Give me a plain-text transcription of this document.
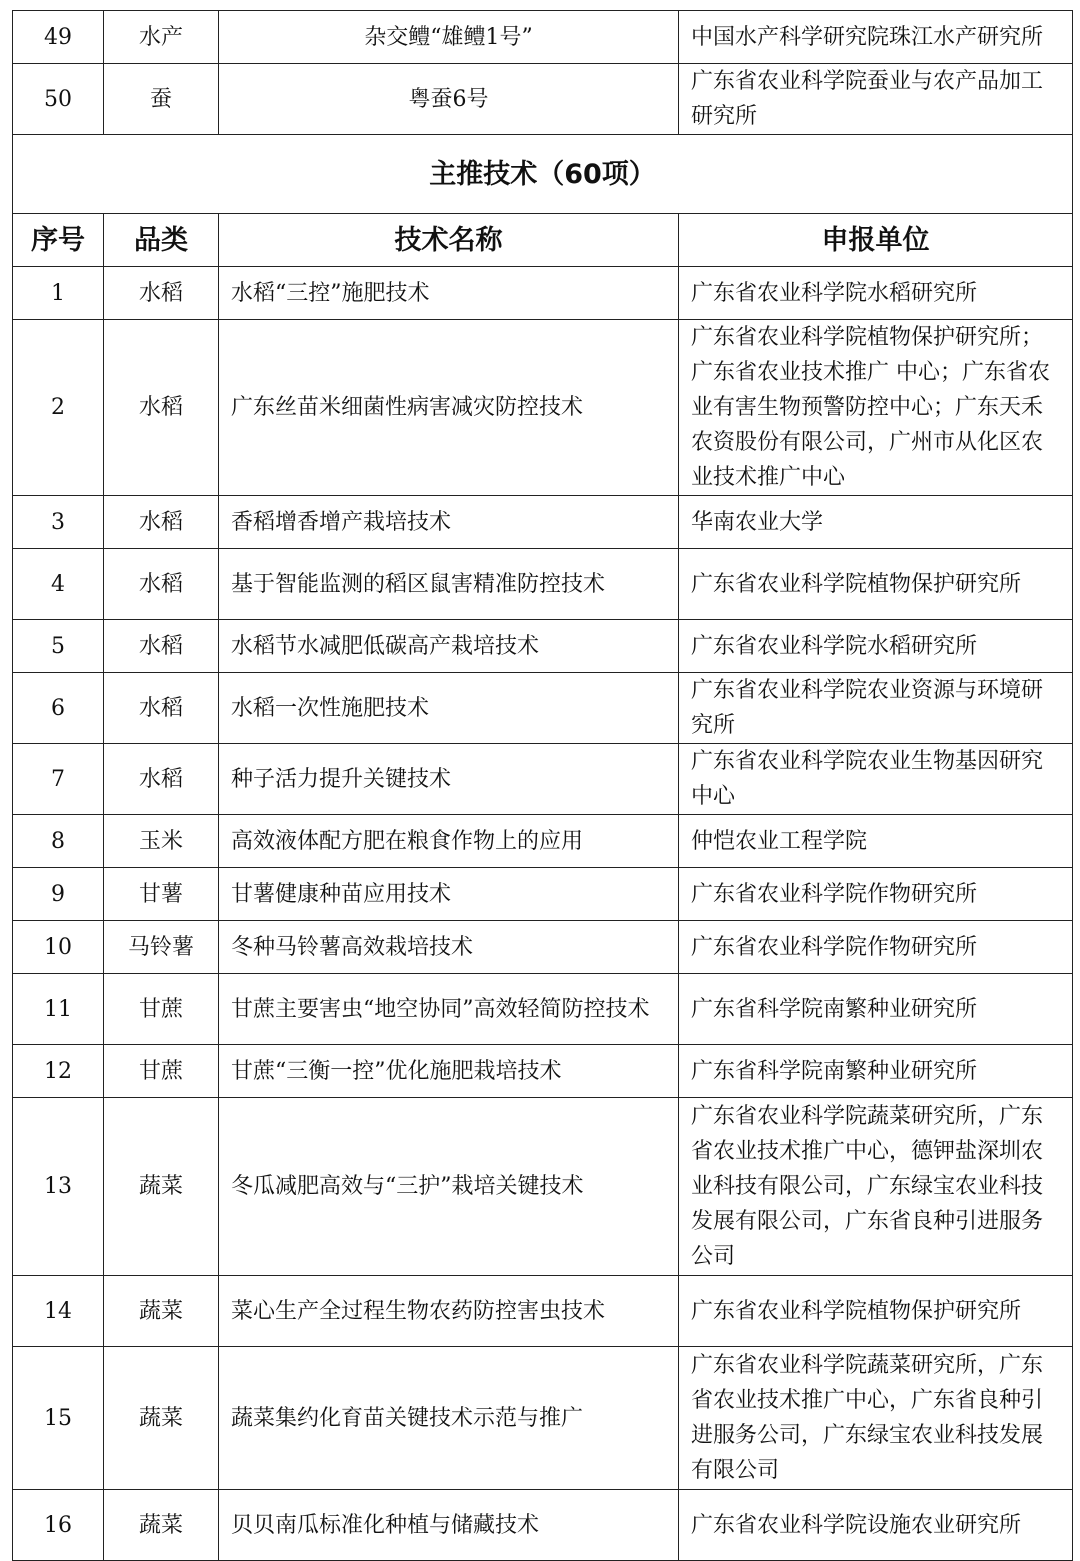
49	水产	杂交鳢“雄鳢1号”	中国水产科学研究院珠江水产研究所
50	蚕	粤蚕6号	广东省农业科学院蚕业与农产品加工研究所
主推技术（60项）			
序号	品类	技术名称	申报单位
1	水稻	水稻“三控”施肥技术	广东省农业科学院水稻研究所
2	水稻	广东丝苗米细菌性病害减灾防控技术	广东省农业科学院植物保护研究所； 广东省农业技术推广 中心；广东省农业有害生物预警防控中心；广东天禾农资股份有限公司，广州市从化区农业技术推广中心
3	水稻	香稻增香增产栽培技术	华南农业大学
4	水稻	基于智能监测的稻区鼠害精准防控技术	广东省农业科学院植物保护研究所
5	水稻	水稻节水减肥低碳高产栽培技术	广东省农业科学院水稻研究所
6	水稻	水稻一次性施肥技术	广东省农业科学院农业资源与环境研究所
7	水稻	种子活力提升关键技术	广东省农业科学院农业生物基因研究中心
8	玉米	高效液体配方肥在粮食作物上的应用	仲恺农业工程学院
9	甘薯	甘薯健康种苗应用技术	广东省农业科学院作物研究所
10	马铃薯	冬种马铃薯高效栽培技术	广东省农业科学院作物研究所
11	甘蔗	甘蔗主要害虫“地空协同”高效轻简防控技术	广东省科学院南繁种业研究所
12	甘蔗	甘蔗“三衡一控”优化施肥栽培技术	广东省科学院南繁种业研究所
13	蔬菜	冬瓜减肥高效与“三护”栽培关键技术	广东省农业科学院蔬菜研究所，广东省农业技术推广中心，德钾盐深圳农业科技有限公司，广东绿宝农业科技发展有限公司，广东省良种引进服务公司
14	蔬菜	菜心生产全过程生物农药防控害虫技术	广东省农业科学院植物保护研究所
15	蔬菜	蔬菜集约化育苗关键技术示范与推广	广东省农业科学院蔬菜研究所，广东省农业技术推广中心，广东省良种引进服务公司，广东绿宝农业科技发展有限公司
16	蔬菜	贝贝南瓜标准化种植与储藏技术	广东省农业科学院设施农业研究所
